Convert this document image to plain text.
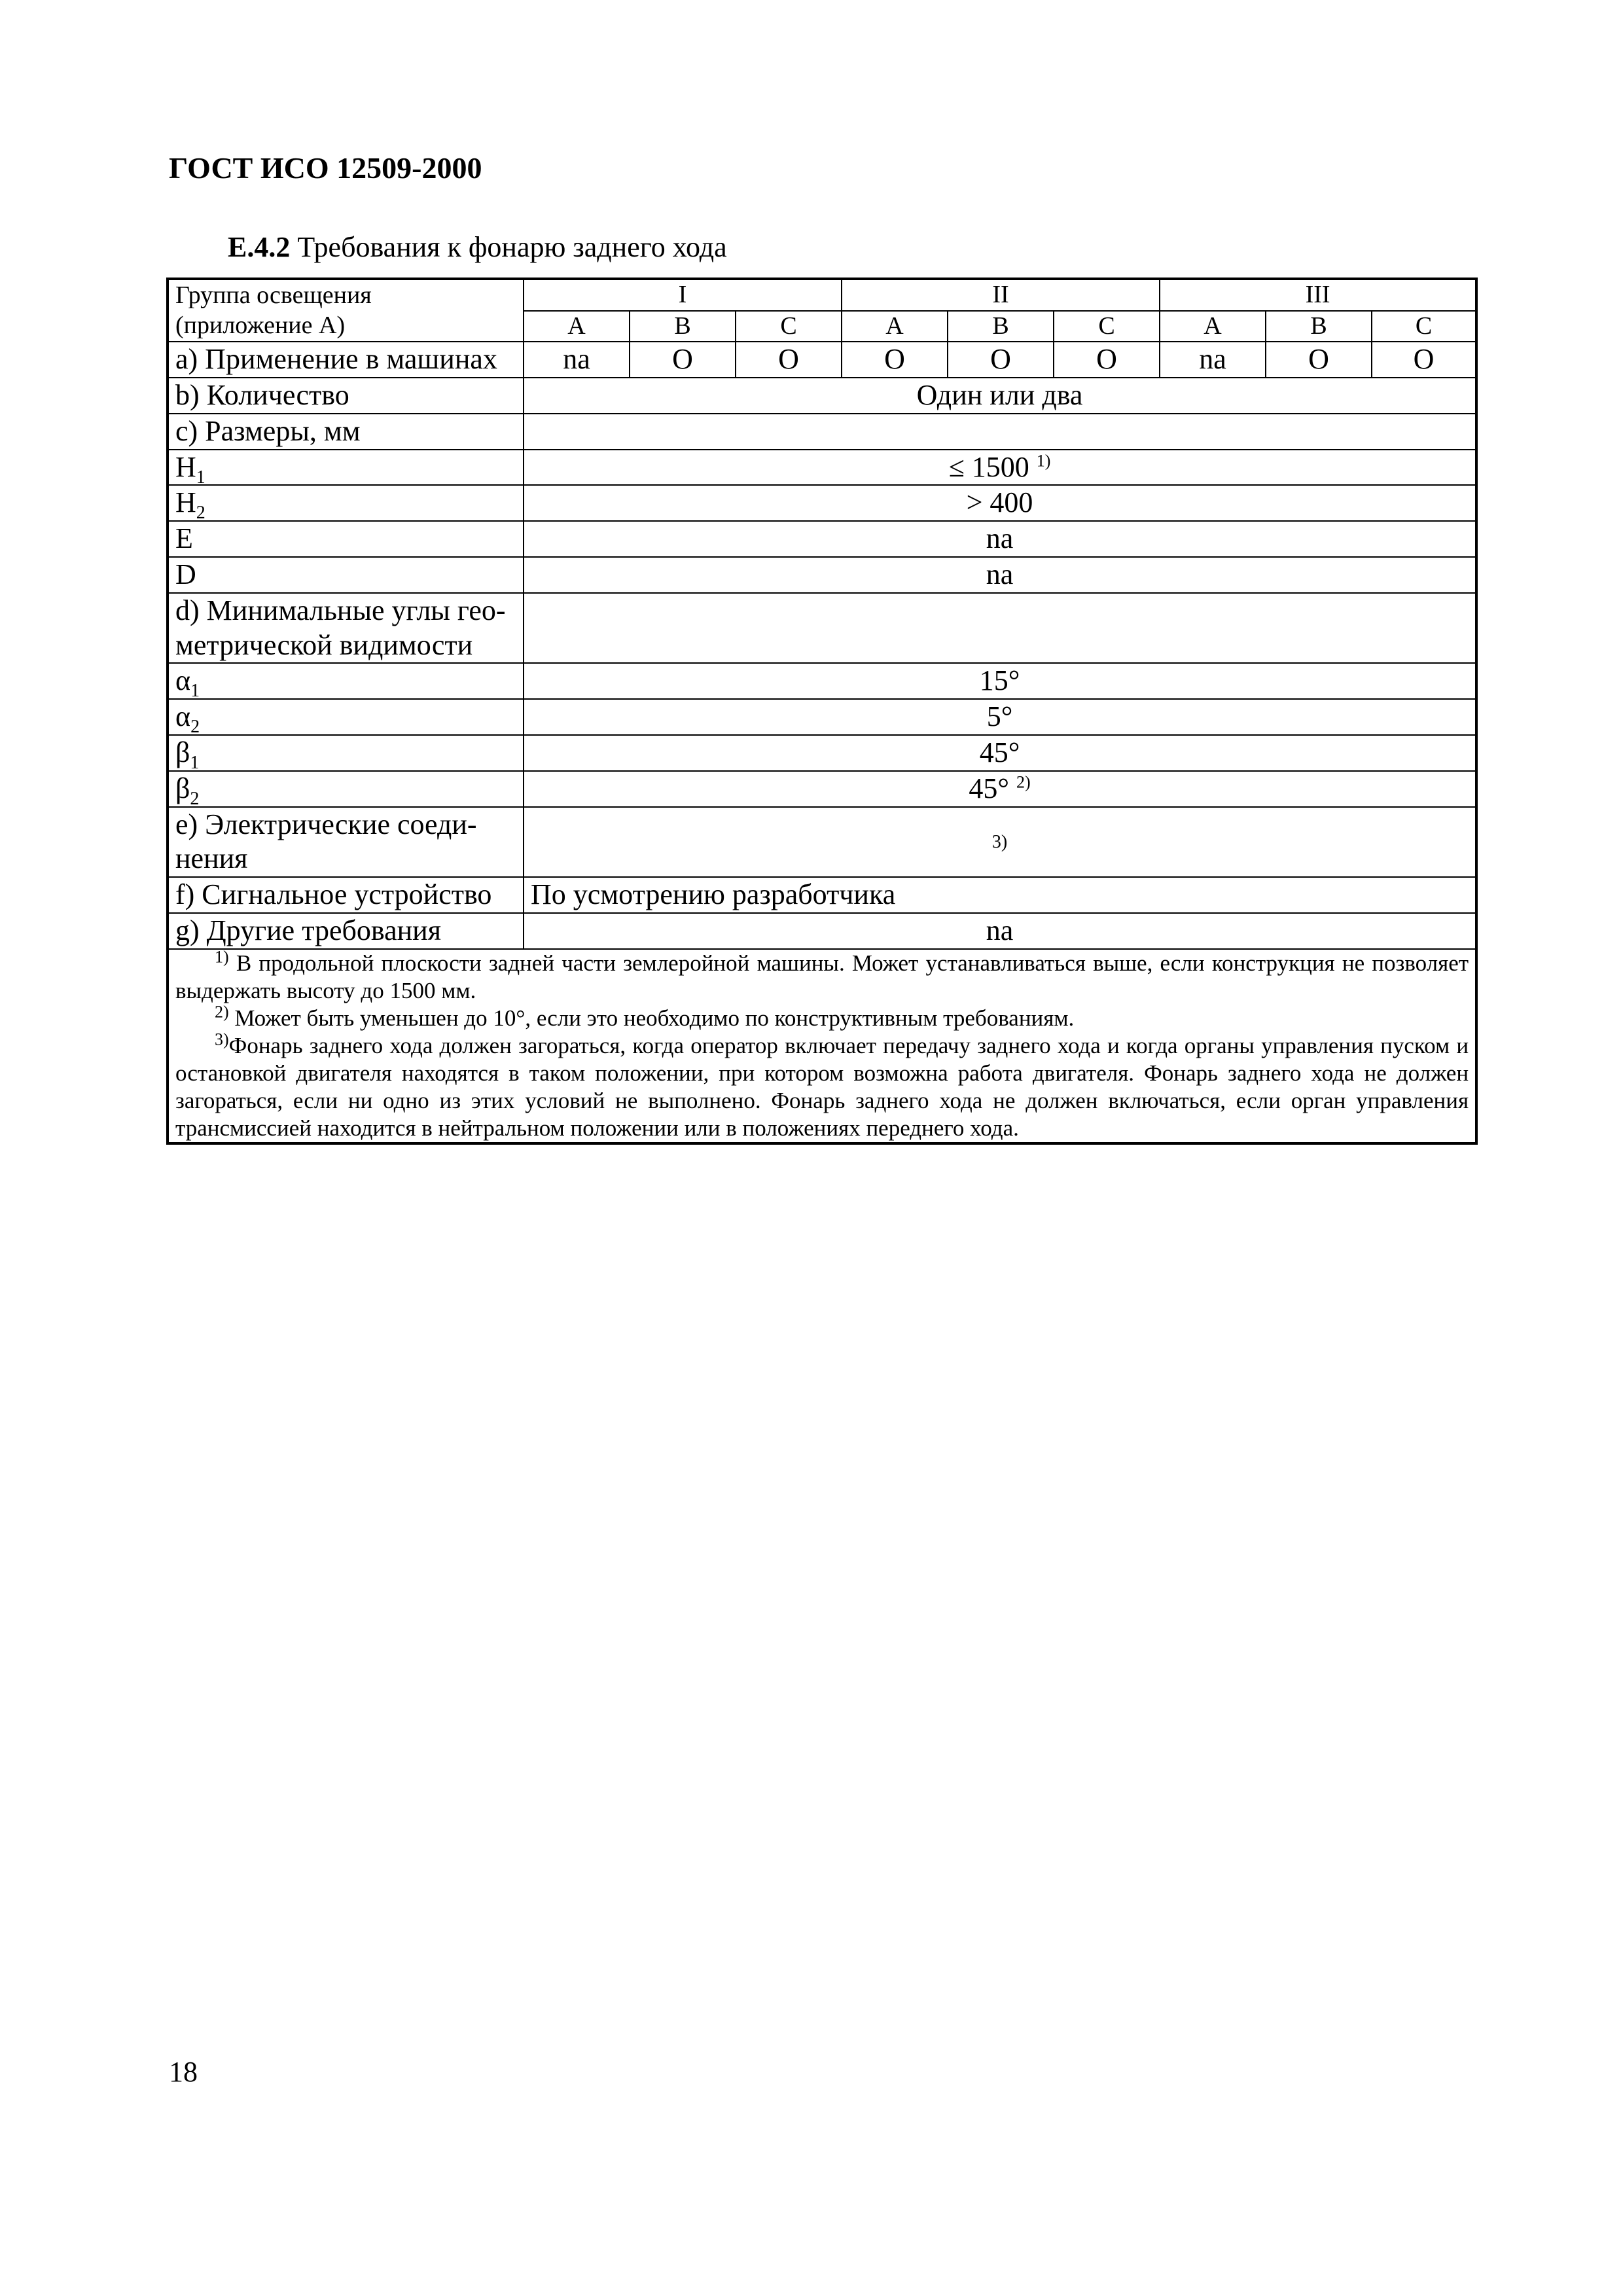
ГОСТ ИСО 12509-2000
E.4.2 Требования к фонарю заднего хода
Группа освещения
(приложение А)	I			II			III		
	A	B	C	A	B	C	A	B	C
a) Применение в машинах	na	O	O	O	O	O	na	O	O
b) Количество	Один или два								
c) Размеры, мм									
$H_1$	≤ 1500 $^{1)}$
$H_2$	> 400								
E	na								
D	na								
d) Минимальные углы гео-
метрической видимости									
$\alpha_1$	15°								
$\alpha_2$	5°								
$\beta_1$	45°								
$\beta_2$	45° $^{2)}$
e) Электрические соеди-
нения	3)								
f) Сигнальное устройство	По усмотрению разработчика								
g) Другие требования	na								

$^{1)}$ В продольной плоскости задней части землеройной машины. Может устанавливаться выше, если конструкция не позволяет выдержать высоту до 1500 мм.

$^{2)}$ Может быть уменьшен до 10°, если это необходимо по конструктивным требованиям.

$^{3)}$Фонарь заднего хода должен загораться, когда оператор включает передачу заднего хода и когда органы управления пуском и остановкой двигателя находятся в таком положении, при котором возможна работа двигателя. Фонарь заднего хода не должен загораться, если ни одно из этих условий не выполнено. Фонарь заднего хода не должен включаться, если орган управления трансмиссией находится в нейтральном положении или в положениях переднего хода.									

18
